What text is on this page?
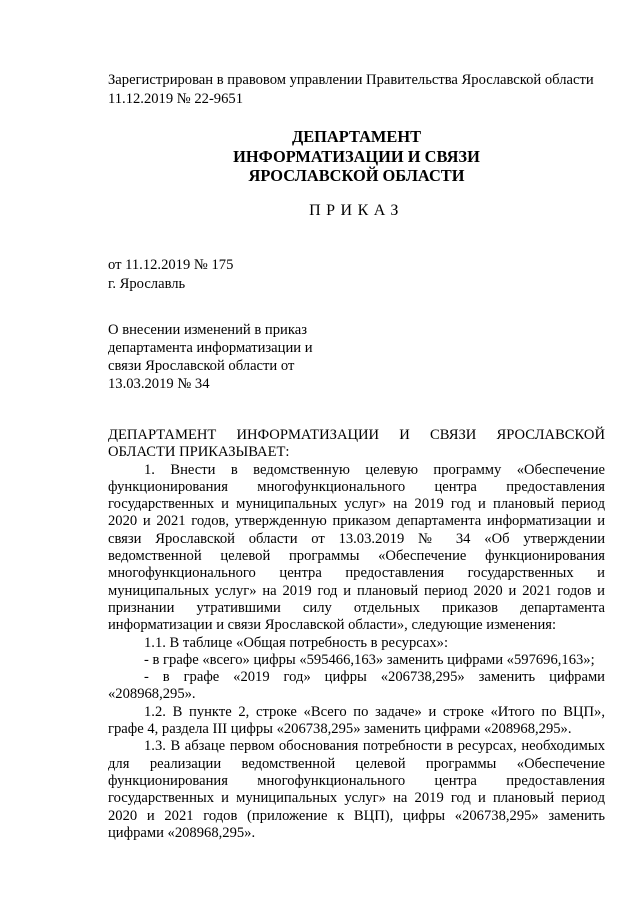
Зарегистрирован в правовом управлении Правительства Ярославской области
11.12.2019 № 22-9651
ДЕПАРТАМЕНТ
ИНФОРМАТИЗАЦИИ И СВЯЗИ
ЯРОСЛАВСКОЙ ОБЛАСТИ
ПРИКАЗ
от 11.12.2019 № 175
г. Ярославль
О внесении изменений в приказ
департамента информатизации и
связи Ярославской области от
13.03.2019 № 34

ДЕПАРТАМЕНТ ИНФОРМАТИЗАЦИИ И СВЯЗИ ЯРОСЛАВСКОЙ ОБЛАСТИ ПРИКАЗЫВАЕТ:

1. Внести в ведомственную целевую программу «Обеспечение функционирования многофункционального центра предоставления государственных и муниципальных услуг» на 2019 год и плановый период 2020 и 2021 годов, утвержденную приказом департамента информатизации и связи Ярославской области от 13.03.2019 № 34 «Об утверждении ведомственной целевой программы «Обеспечение функционирования многофункционального центра предоставления государственных и муниципальных услуг» на 2019 год и плановый период 2020 и 2021 годов и признании утратившими силу отдельных приказов департамента информатизации и связи Ярославской области», следующие изменения:

1.1. В таблице «Общая потребность в ресурсах»:

- в графе «всего» цифры «595466,163» заменить цифрами «597696,163»;

- в графе «2019 год» цифры «206738,295» заменить цифрами «208968,295».

1.2. В пункте 2, строке «Всего по задаче» и строке «Итого по ВЦП», графе 4, раздела III цифры «206738,295» заменить цифрами «208968,295».

1.3. В абзаце первом обоснования потребности в ресурсах, необходимых для реализации ведомственной целевой программы «Обеспечение функционирования многофункционального центра предоставления государственных и муниципальных услуг» на 2019 год и плановый период 2020 и 2021 годов (приложение к ВЦП), цифры «206738,295» заменить цифрами «208968,295».
